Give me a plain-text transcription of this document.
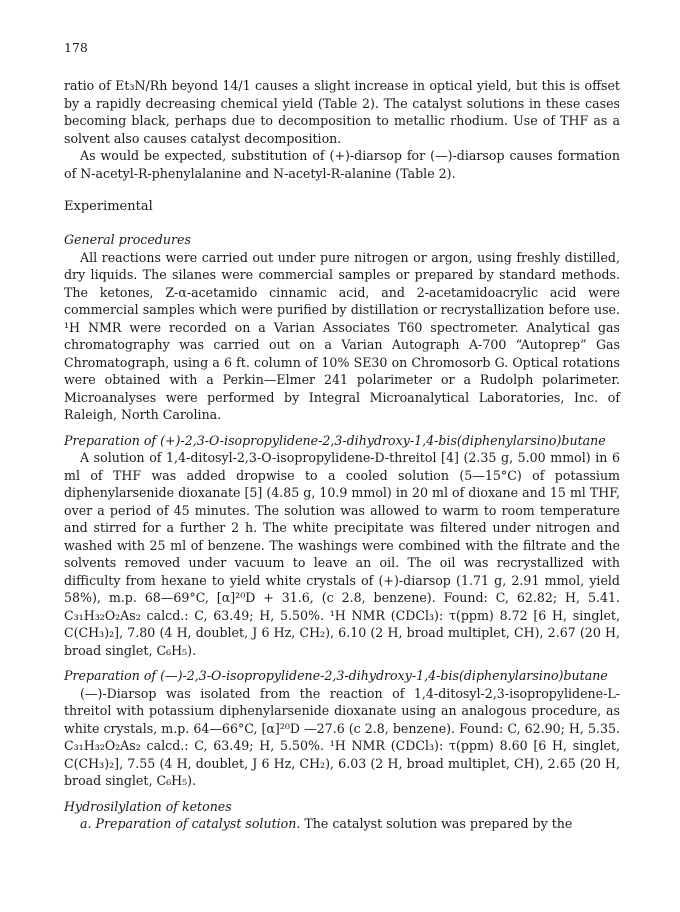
178

ratio of Et₃N/Rh beyond 14/1 causes a slight increase in optical yield, but this is offset by a rapidly decreasing chemical yield (Table 2). The catalyst solutions in these cases becoming black, perhaps due to decomposition to metallic rhodium. Use of THF as a solvent also causes catalyst decomposition.

As would be expected, substitution of (+)-diarsop for (—)-diarsop causes formation of N-acetyl-R-phenylalanine and N-acetyl-R-alanine (Table 2).

Experimental
General procedures

All reactions were carried out under pure nitrogen or argon, using freshly distilled, dry liquids. The silanes were commercial samples or prepared by standard methods. The ketones, Z-α-acetamido cinnamic acid, and 2-acetamidoacrylic acid were commercial samples which were purified by distillation or recrystallization before use. ¹H NMR were recorded on a Varian Associates T60 spectrometer. Analytical gas chromatography was carried out on a Varian Autograph A-700 “Autoprep” Gas Chromatograph, using a 6 ft. column of 10% SE30 on Chromosorb G. Optical rotations were obtained with a Perkin—Elmer 241 polarimeter or a Rudolph polarimeter. Microanalyses were performed by Integral Microanalytical Laboratories, Inc. of Raleigh, North Carolina.

Preparation of (+)-2,3-O-isopropylidene-2,3-dihydroxy-1,4-bis(diphenylarsino)butane

A solution of 1,4-ditosyl-2,3-O-isopropylidene-D-threitol [4] (2.35 g, 5.00 mmol) in 6 ml of THF was added dropwise to a cooled solution (5—15°C) of potassium diphenylarsenide dioxanate [5] (4.85 g, 10.9 mmol) in 20 ml of dioxane and 15 ml THF, over a period of 45 minutes. The solution was allowed to warm to room temperature and stirred for a further 2 h. The white precipitate was filtered under nitrogen and washed with 25 ml of benzene. The washings were combined with the filtrate and the solvents removed under vacuum to leave an oil. The oil was recrystallized with difficulty from hexane to yield white crystals of (+)-diarsop (1.71 g, 2.91 mmol, yield 58%), m.p. 68—69°C, [α]²⁰D + 31.6, (c 2.8, benzene). Found: C, 62.82; H, 5.41. C₃₁H₃₂O₂As₂ calcd.: C, 63.49; H, 5.50%. ¹H NMR (CDCl₃): τ(ppm) 8.72 [6 H, singlet, C(CH₃)₂], 7.80 (4 H, doublet, J 6 Hz, CH₂), 6.10 (2 H, broad multiplet, CH), 2.67 (20 H, broad singlet, C₆H₅).

Preparation of (—)-2,3-O-isopropylidene-2,3-dihydroxy-1,4-bis(diphenylarsino)butane

(—)-Diarsop was isolated from the reaction of 1,4-ditosyl-2,3-isopropylidene-L-threitol with potassium diphenylarsenide dioxanate using an analogous procedure, as white crystals, m.p. 64—66°C, [α]²⁰D —27.6 (c 2.8, benzene). Found: C, 62.90; H, 5.35. C₃₁H₃₂O₂As₂ calcd.: C, 63.49; H, 5.50%. ¹H NMR (CDCl₃): τ(ppm) 8.60 [6 H, singlet, C(CH₃)₂], 7.55 (4 H, doublet, J 6 Hz, CH₂), 6.03 (2 H, broad multiplet, CH), 2.65 (20 H, broad singlet, C₆H₅).

Hydrosilylation of ketones

a. Preparation of catalyst solution. The catalyst solution was prepared by the
